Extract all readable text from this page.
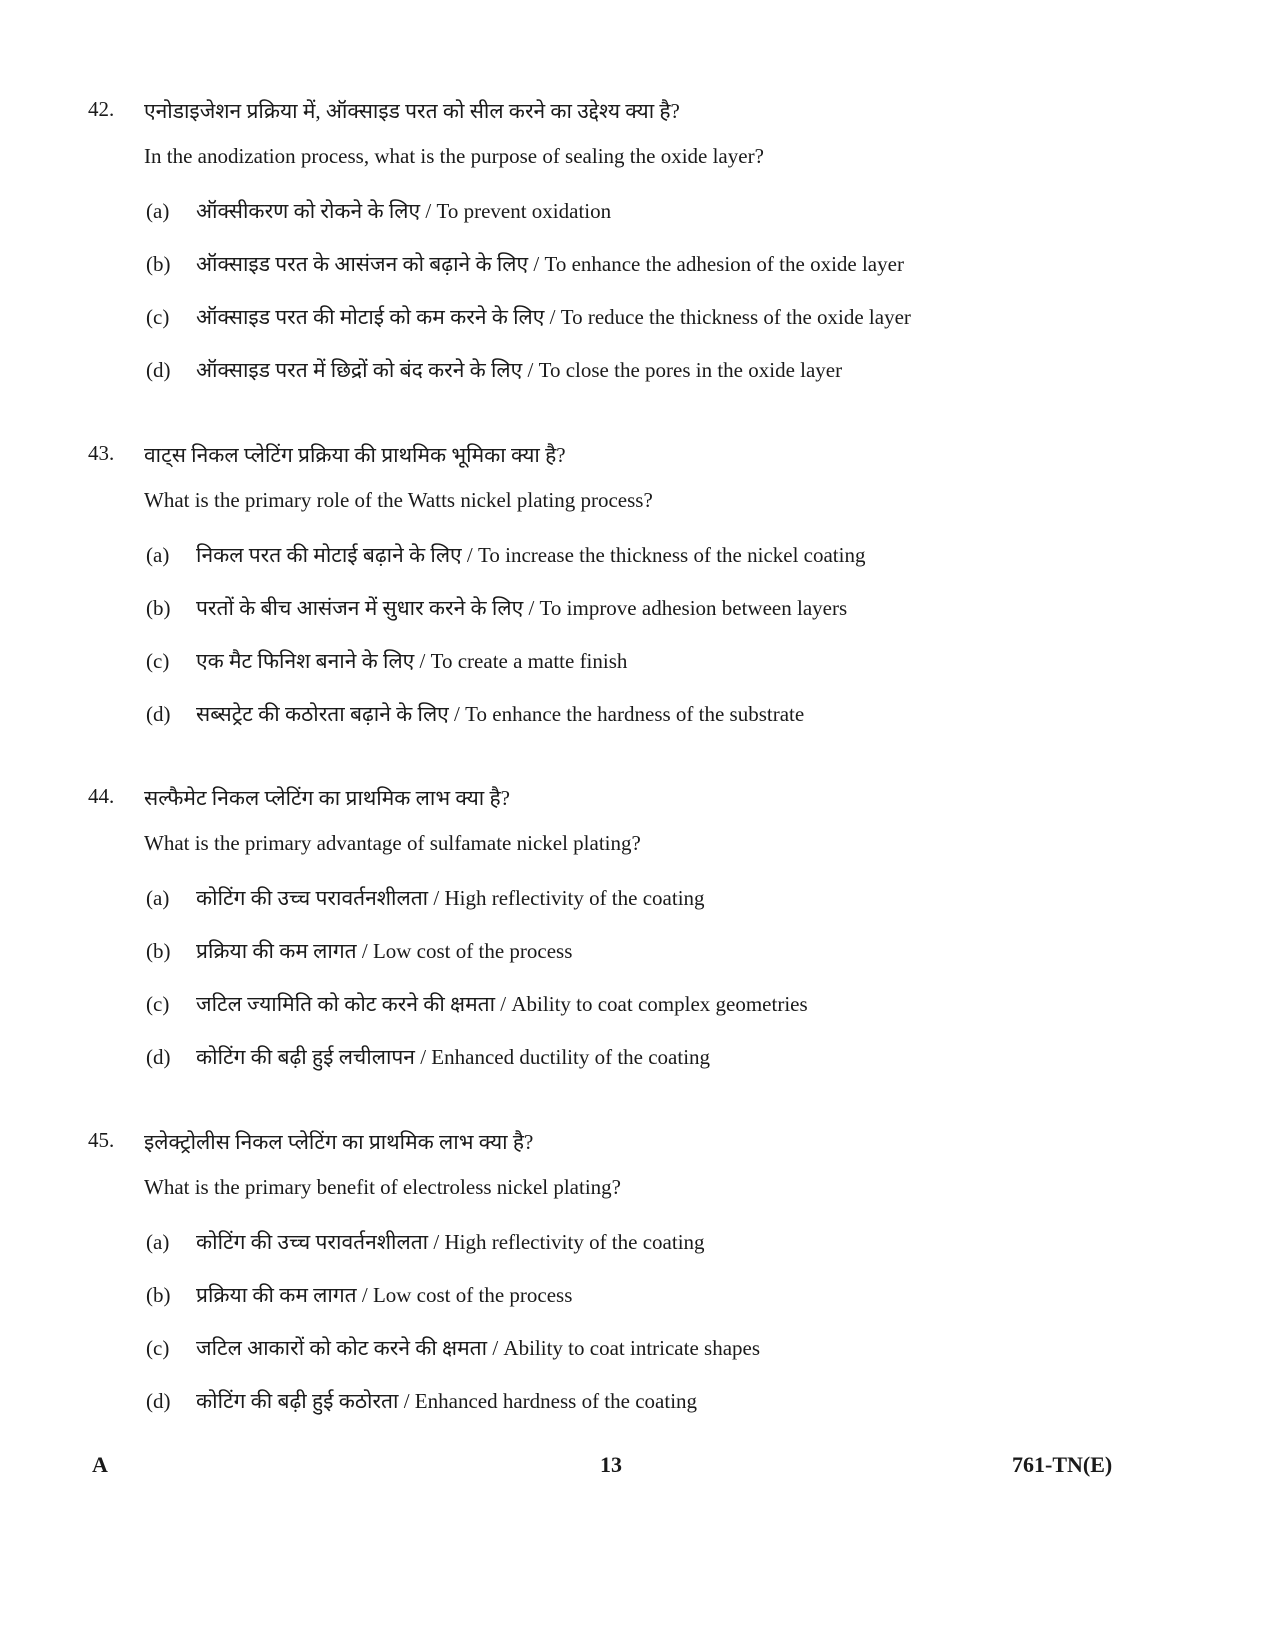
42. एनोडाइजेशन प्रक्रिया में, ऑक्साइड परत को सील करने का उद्देश्य क्या है?
In the anodization process, what is the purpose of sealing the oxide layer?
(a) ऑक्सीकरण को रोकने के लिए / To prevent oxidation
(b) ऑक्साइड परत के आसंजन को बढ़ाने के लिए / To enhance the adhesion of the oxide layer
(c) ऑक्साइड परत की मोटाई को कम करने के लिए / To reduce the thickness of the oxide layer
(d) ऑक्साइड परत में छिद्रों को बंद करने के लिए / To close the pores in the oxide layer
43. वाट्स निकल प्लेटिंग प्रक्रिया की प्राथमिक भूमिका क्या है?
What is the primary role of the Watts nickel plating process?
(a) निकल परत की मोटाई बढ़ाने के लिए / To increase the thickness of the nickel coating
(b) परतों के बीच आसंजन में सुधार करने के लिए / To improve adhesion between layers
(c) एक मैट फिनिश बनाने के लिए / To create a matte finish
(d) सब्सट्रेट की कठोरता बढ़ाने के लिए / To enhance the hardness of the substrate
44. सल्फैमेट निकल प्लेटिंग का प्राथमिक लाभ क्या है?
What is the primary advantage of sulfamate nickel plating?
(a) कोटिंग की उच्च परावर्तनशीलता / High reflectivity of the coating
(b) प्रक्रिया की कम लागत / Low cost of the process
(c) जटिल ज्यामिति को कोट करने की क्षमता / Ability to coat complex geometries
(d) कोटिंग की बढ़ी हुई लचीलापन / Enhanced ductility of the coating
45. इलेक्ट्रोलीस निकल प्लेटिंग का प्राथमिक लाभ क्या है?
What is the primary benefit of electroless nickel plating?
(a) कोटिंग की उच्च परावर्तनशीलता / High reflectivity of the coating
(b) प्रक्रिया की कम लागत / Low cost of the process
(c) जटिल आकारों को कोट करने की क्षमता / Ability to coat intricate shapes
(d) कोटिंग की बढ़ी हुई कठोरता / Enhanced hardness of the coating
A	13	761-TN(E)
